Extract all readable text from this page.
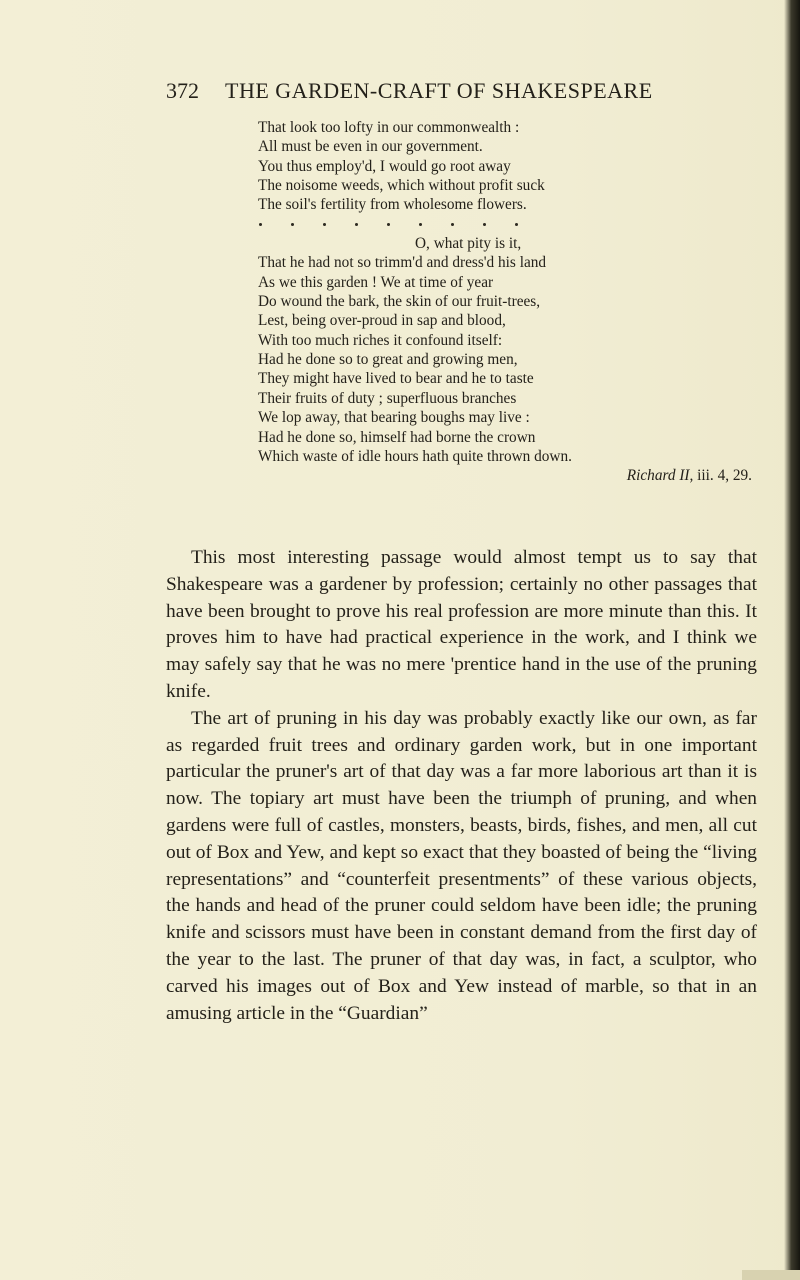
372 THE GARDEN-CRAFT OF SHAKESPEARE
That look too lofty in our commonwealth :
All must be even in our government.
You thus employ'd, I would go root away
The noisome weeds, which without profit suck
The soil's fertility from wholesome flowers.
O, what pity is it,
That he had not so trimm'd and dress'd his land
As we this garden ! We at time of year
Do wound the bark, the skin of our fruit-trees,
Lest, being over-proud in sap and blood,
With too much riches it confound itself:
Had he done so to great and growing men,
They might have lived to bear and he to taste
Their fruits of duty ; superfluous branches
We lop away, that bearing boughs may live :
Had he done so, himself had borne the crown
Which waste of idle hours hath quite thrown down.
Richard II, iii. 4, 29.

This most interesting passage would almost tempt us to say that Shakespeare was a gardener by profession; certainly no other passages that have been brought to prove his real profession are more minute than this. It proves him to have had practical experience in the work, and I think we may safely say that he was no mere 'prentice hand in the use of the pruning knife.

The art of pruning in his day was probably exactly like our own, as far as regarded fruit trees and ordinary garden work, but in one important particular the pruner's art of that day was a far more laborious art than it is now. The topiary art must have been the triumph of pruning, and when gardens were full of castles, monsters, beasts, birds, fishes, and men, all cut out of Box and Yew, and kept so exact that they boasted of being the “living representations” and “counterfeit presentments” of these various objects, the hands and head of the pruner could seldom have been idle; the pruning knife and scissors must have been in constant demand from the first day of the year to the last. The pruner of that day was, in fact, a sculptor, who carved his images out of Box and Yew instead of marble, so that in an amusing article in the “Guardian”
